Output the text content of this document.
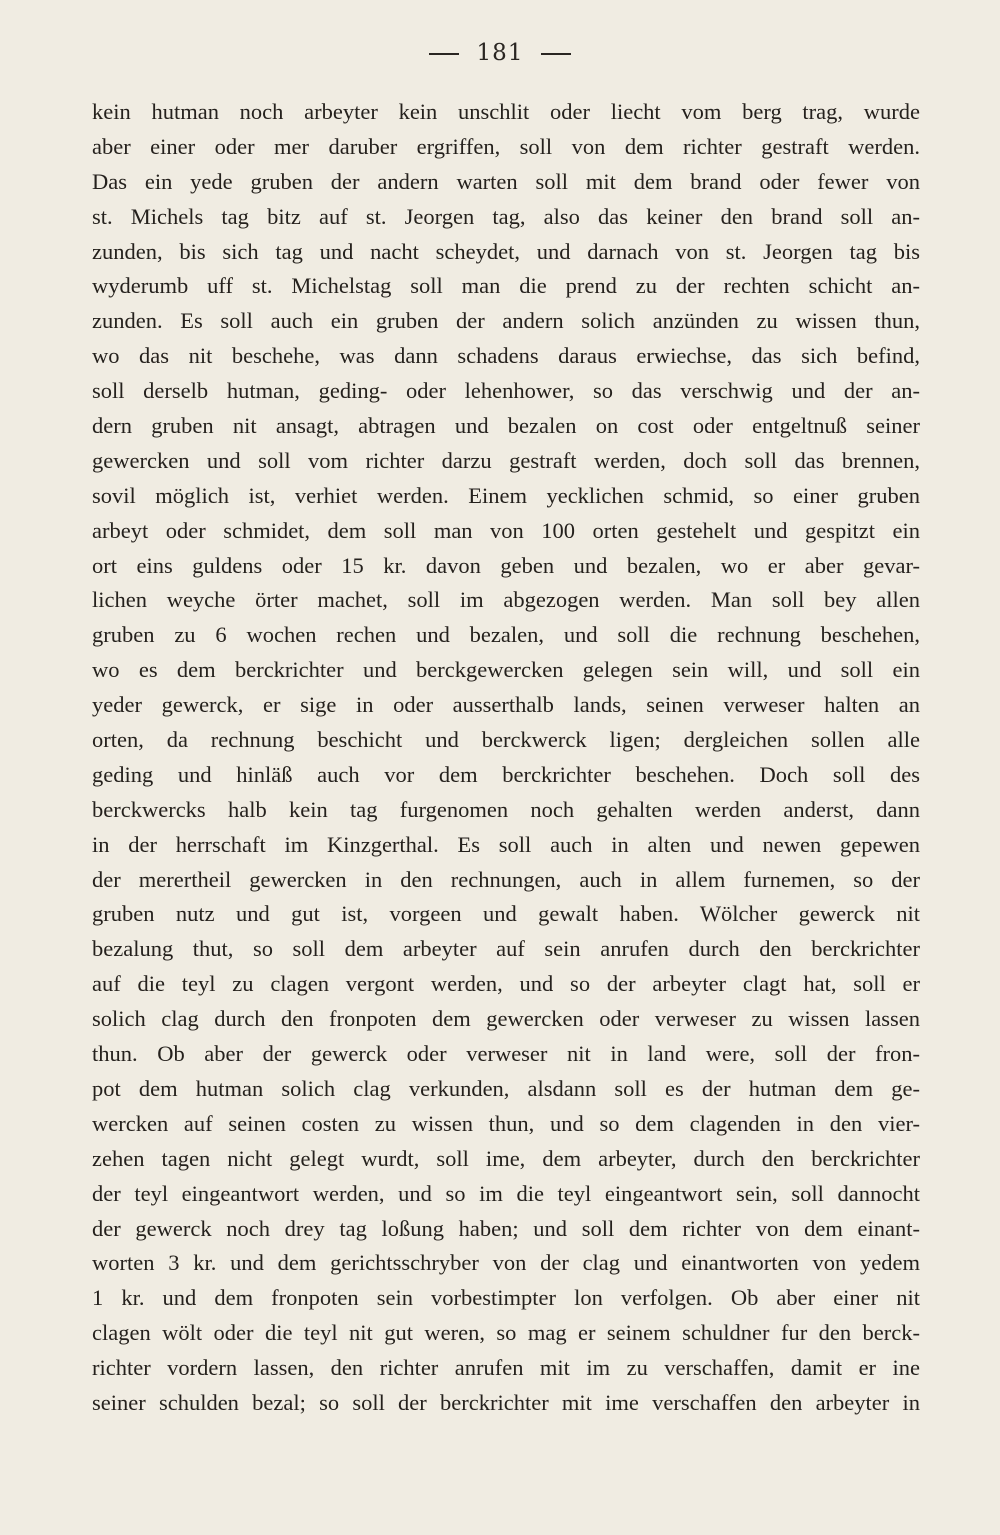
181
kein hutman noch arbeyter kein unschlit oder liecht vom berg trag, wurde
aber einer oder mer daruber ergriffen, soll von dem richter gestraft werden.
Das ein yede gruben der andern warten soll mit dem brand oder fewer von
st. Michels tag bitz auf st. Jeorgen tag, also das keiner den brand soll an-
zunden, bis sich tag und nacht scheydet, und darnach von st. Jeorgen tag bis
wyderumb uff st. Michelstag soll man die prend zu der rechten schicht an-
zunden. Es soll auch ein gruben der andern solich anzünden zu wissen thun,
wo das nit beschehe, was dann schadens daraus erwiechse, das sich befind,
soll derselb hutman, geding- oder lehenhower, so das verschwig und der an-
dern gruben nit ansagt, abtragen und bezalen on cost oder entgeltnuß seiner
gewercken und soll vom richter darzu gestraft werden, doch soll das brennen,
sovil möglich ist, verhiet werden. Einem yecklichen schmid, so einer gruben
arbeyt oder schmidet, dem soll man von 100 orten gestehelt und gespitzt ein
ort eins guldens oder 15 kr. davon geben und bezalen, wo er aber gevar-
lichen weyche örter machet, soll im abgezogen werden. Man soll bey allen
gruben zu 6 wochen rechen und bezalen, und soll die rechnung beschehen,
wo es dem berckrichter und berckgewercken gelegen sein will, und soll ein
yeder gewerck, er sige in oder ausserthalb lands, seinen verweser halten an
orten, da rechnung beschicht und berckwerck ligen; dergleichen sollen alle
geding und hinläß auch vor dem berckrichter beschehen. Doch soll des
berckwercks halb kein tag furgenomen noch gehalten werden anderst, dann
in der herrschaft im Kinzgerthal. Es soll auch in alten und newen gepewen
der merertheil gewercken in den rechnungen, auch in allem furnemen, so der
gruben nutz und gut ist, vorgeen und gewalt haben. Wölcher gewerck nit
bezalung thut, so soll dem arbeyter auf sein anrufen durch den berckrichter
auf die teyl zu clagen vergont werden, und so der arbeyter clagt hat, soll er
solich clag durch den fronpoten dem gewercken oder verweser zu wissen lassen
thun. Ob aber der gewerck oder verweser nit in land were, soll der fron-
pot dem hutman solich clag verkunden, alsdann soll es der hutman dem ge-
wercken auf seinen costen zu wissen thun, und so dem clagenden in den vier-
zehen tagen nicht gelegt wurdt, soll ime, dem arbeyter, durch den berckrichter
der teyl eingeantwort werden, und so im die teyl eingeantwort sein, soll dannocht
der gewerck noch drey tag loßung haben; und soll dem richter von dem einant-
worten 3 kr. und dem gerichtsschryber von der clag und einantworten von yedem
1 kr. und dem fronpoten sein vorbestimpter lon verfolgen. Ob aber einer nit
clagen wölt oder die teyl nit gut weren, so mag er seinem schuldner fur den berck-
richter vordern lassen, den richter anrufen mit im zu verschaffen, damit er ine
seiner schulden bezal; so soll der berckrichter mit ime verschaffen den arbeyter in
